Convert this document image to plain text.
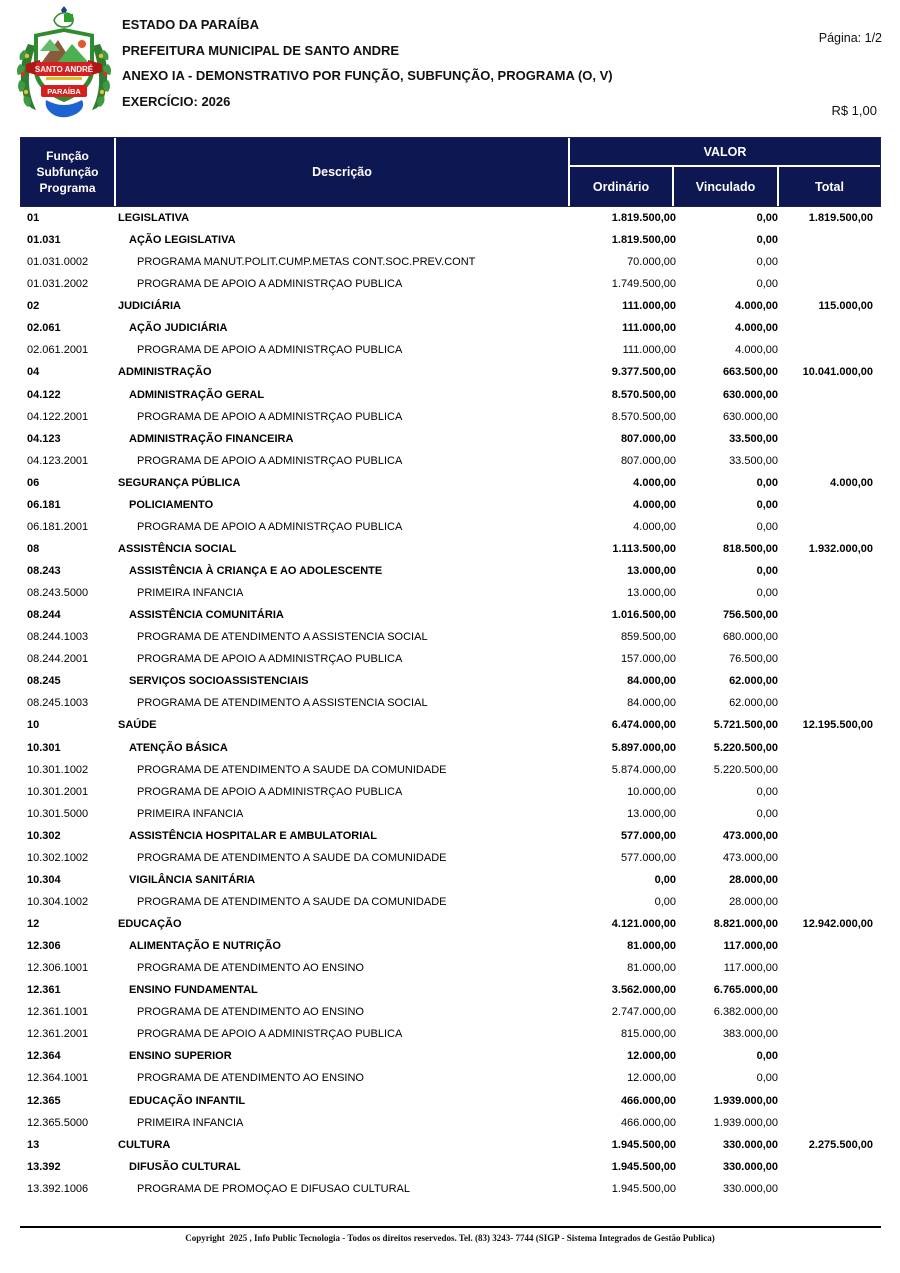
SANTO ANDRÉ
PARAÍBA
ESTADO DA PARAÍBA
PREFEITURA MUNICIPAL DE SANTO ANDRE
ANEXO IA - DEMONSTRATIVO POR FUNÇÃO, SUBFUNÇÃO, PROGRAMA (O, V)
EXERCÍCIO: 2026
Página: 1/2
R$ 1,00
Função
Subfunção
Programa
Descrição
VALOR
Ordinário	Vinculado	Total
01	LEGISLATIVA	1.819.500,00	0,00	1.819.500,00
01.031	AÇÃO LEGISLATIVA	1.819.500,00	0,00
01.031.0002	PROGRAMA MANUT.POLIT.CUMP.METAS CONT.SOC.PREV.CONT	70.000,00	0,00
01.031.2002	PROGRAMA DE APOIO A ADMINISTRÇAO PUBLICA	1.749.500,00	0,00
02	JUDICIÁRIA	111.000,00	4.000,00	115.000,00
02.061	AÇÃO JUDICIÁRIA	111.000,00	4.000,00
02.061.2001	PROGRAMA DE APOIO A ADMINISTRÇAO PUBLICA	111.000,00	4.000,00
04	ADMINISTRAÇÃO	9.377.500,00	663.500,00	10.041.000,00
04.122	ADMINISTRAÇÃO GERAL	8.570.500,00	630.000,00
04.122.2001	PROGRAMA DE APOIO A ADMINISTRÇAO PUBLICA	8.570.500,00	630.000,00
04.123	ADMINISTRAÇÃO FINANCEIRA	807.000,00	33.500,00
04.123.2001	PROGRAMA DE APOIO A ADMINISTRÇAO PUBLICA	807.000,00	33.500,00
06	SEGURANÇA PÚBLICA	4.000,00	0,00	4.000,00
06.181	POLICIAMENTO	4.000,00	0,00
06.181.2001	PROGRAMA DE APOIO A ADMINISTRÇAO PUBLICA	4.000,00	0,00
08	ASSISTÊNCIA SOCIAL	1.113.500,00	818.500,00	1.932.000,00
08.243	ASSISTÊNCIA À CRIANÇA E AO ADOLESCENTE	13.000,00	0,00
08.243.5000	PRIMEIRA INFANCIA	13.000,00	0,00
08.244	ASSISTÊNCIA COMUNITÁRIA	1.016.500,00	756.500,00
08.244.1003	PROGRAMA DE ATENDIMENTO A ASSISTENCIA SOCIAL	859.500,00	680.000,00
08.244.2001	PROGRAMA DE APOIO A ADMINISTRÇAO PUBLICA	157.000,00	76.500,00
08.245	SERVIÇOS SOCIOASSISTENCIAIS	84.000,00	62.000,00
08.245.1003	PROGRAMA DE ATENDIMENTO A ASSISTENCIA SOCIAL	84.000,00	62.000,00
10	SAÚDE	6.474.000,00	5.721.500,00	12.195.500,00
10.301	ATENÇÃO BÁSICA	5.897.000,00	5.220.500,00
10.301.1002	PROGRAMA DE ATENDIMENTO A SAUDE DA COMUNIDADE	5.874.000,00	5.220.500,00
10.301.2001	PROGRAMA DE APOIO A ADMINISTRÇAO PUBLICA	10.000,00	0,00
10.301.5000	PRIMEIRA INFANCIA	13.000,00	0,00
10.302	ASSISTÊNCIA HOSPITALAR E AMBULATORIAL	577.000,00	473.000,00
10.302.1002	PROGRAMA DE ATENDIMENTO A SAUDE DA COMUNIDADE	577.000,00	473.000,00
10.304	VIGILÂNCIA SANITÁRIA	0,00	28.000,00
10.304.1002	PROGRAMA DE ATENDIMENTO A SAUDE DA COMUNIDADE	0,00	28.000,00
12	EDUCAÇÃO	4.121.000,00	8.821.000,00	12.942.000,00
12.306	ALIMENTAÇÃO E NUTRIÇÃO	81.000,00	117.000,00
12.306.1001	PROGRAMA DE ATENDIMENTO AO ENSINO	81.000,00	117.000,00
12.361	ENSINO FUNDAMENTAL	3.562.000,00	6.765.000,00
12.361.1001	PROGRAMA DE ATENDIMENTO AO ENSINO	2.747.000,00	6.382.000,00
12.361.2001	PROGRAMA DE APOIO A ADMINISTRÇAO PUBLICA	815.000,00	383.000,00
12.364	ENSINO SUPERIOR	12.000,00	0,00
12.364.1001	PROGRAMA DE ATENDIMENTO AO ENSINO	12.000,00	0,00
12.365	EDUCAÇÃO INFANTIL	466.000,00	1.939.000,00
12.365.5000	PRIMEIRA INFANCIA	466.000,00	1.939.000,00
13	CULTURA	1.945.500,00	330.000,00	2.275.500,00
13.392	DIFUSÃO CULTURAL	1.945.500,00	330.000,00
13.392.1006	PROGRAMA DE PROMOÇAO E DIFUSAO CULTURAL	1.945.500,00	330.000,00
Copyright  2025 , Info Public Tecnologia - Todos os direitos reservedos. Tel. (83) 3243- 7744 (SIGP - Sistema Integrados de Gestão Publica)
